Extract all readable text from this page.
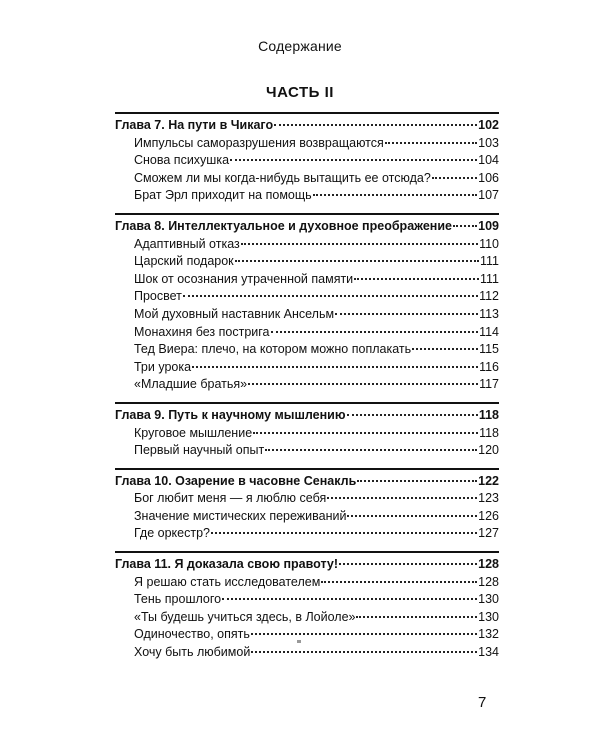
Содержание
ЧАСТЬ II
Глава 7. На пути в Чикаго	102
Импульсы саморазрушения возвращаются	103
Снова психушка	104
Сможем ли мы когда-нибудь вытащить ее отсюда?	106
Брат Эрл приходит на помощь	107
Глава 8. Интеллектуальное и духовное преображение 109
Адаптивный отказ	110
Царский подарок	111
Шок от осознания утраченной памяти	111
Просвет	112
Мой духовный наставник Ансельм	113
Монахиня без пострига	114
Тед Виера: плечо, на котором можно поплакать	115
Три урока	116
«Младшие братья»	117
Глава 9. Путь к научному мышлению	118
Круговое мышление	118
Первый научный опыт	120
Глава 10. Озарение в часовне Сенакль	122
Бог любит меня — я люблю себя	123
Значение мистических переживаний	126
Где оркестр?	127
Глава 11. Я доказала свою правоту!	128
Я решаю стать исследователем	128
Тень прошлого	130
«Ты будешь учиться здесь, в Лойоле»	130
Одиночество, опять	132
Хочу быть любимой	134
7
